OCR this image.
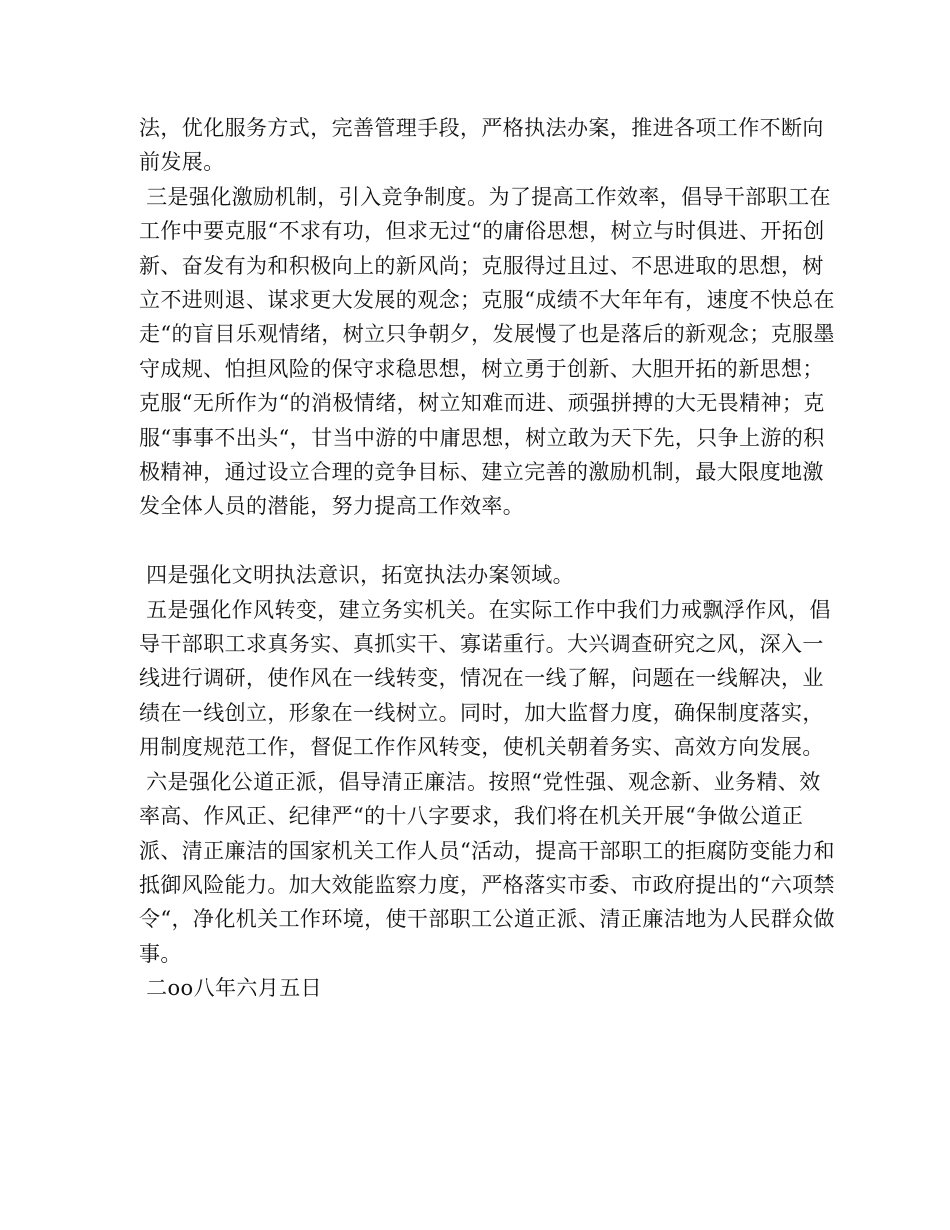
法，优化服务方式，完善管理手段，严格执法办案，推进各项工作不断向前发展。

三是强化激励机制，引入竞争制度。为了提高工作效率，倡导干部职工在工作中要克服“不求有功，但求无过“的庸俗思想，树立与时俱进、开拓创新、奋发有为和积极向上的新风尚；克服得过且过、不思进取的思想，树立不进则退、谋求更大发展的观念；克服“成绩不大年年有，速度不快总在走“的盲目乐观情绪，树立只争朝夕，发展慢了也是落后的新观念；克服墨守成规、怕担风险的保守求稳思想，树立勇于创新、大胆开拓的新思想；克服“无所作为“的消极情绪，树立知难而进、顽强拼搏的大无畏精神；克服“事事不出头“，甘当中游的中庸思想，树立敢为天下先，只争上游的积极精神，通过设立合理的竞争目标、建立完善的激励机制，最大限度地激发全体人员的潜能，努力提高工作效率。

四是强化文明执法意识，拓宽执法办案领域。

五是强化作风转变，建立务实机关。在实际工作中我们力戒飘浮作风，倡导干部职工求真务实、真抓实干、寡诺重行。大兴调查研究之风，深入一线进行调研，使作风在一线转变，情况在一线了解，问题在一线解决，业绩在一线创立，形象在一线树立。同时，加大监督力度，确保制度落实，用制度规范工作，督促工作作风转变，使机关朝着务实、高效方向发展。

六是强化公道正派，倡导清正廉洁。按照“党性强、观念新、业务精、效率高、作风正、纪律严“的十八字要求，我们将在机关开展“争做公道正派、清正廉洁的国家机关工作人员“活动，提高干部职工的拒腐防变能力和抵御风险能力。加大效能监察力度，严格落实市委、市政府提出的“六项禁令“，净化机关工作环境，使干部职工公道正派、清正廉洁地为人民群众做事。

二oo八年六月五日
